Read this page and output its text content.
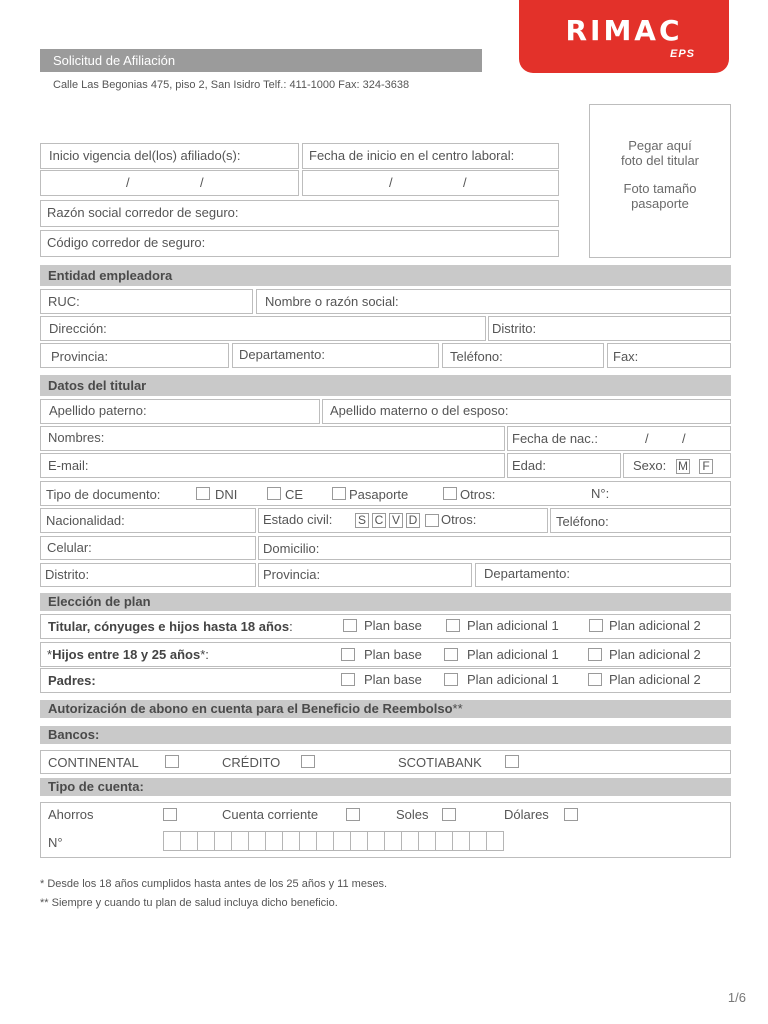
RIMAC
EPS
Solicitud de Afiliación
Calle Las Begonias 475, piso 2, San Isidro Telf.: 411-1000 Fax: 324-3638
Pegar aquí
foto del titular
Foto tamaño
pasaporte
Inicio vigencia del(los) afiliado(s):
/	/
Fecha de inicio en el centro laboral:
/	/
Razón social corredor de seguro:
Código corredor de seguro:
Entidad empleadora
RUC:	Nombre o razón social:
Dirección:	Distrito:
Provincia:	Departamento:	Teléfono:	Fax:
Datos del titular
Apellido paterno:	Apellido materno o del esposo:
Nombres:	Fecha de nac.:	/	/
E-mail:	Edad:	Sexo: M F
Tipo de documento:	DNI	CE	Pasaporte	Otros:	N°:
Nacionalidad:	Estado civil: S C V D Otros:	Teléfono:
Celular:	Domicilio:
Distrito:	Provincia:	Departamento:
Elección de plan
Titular, cónyuges e hijos hasta 18 años:	Plan base	Plan adicional 1	Plan adicional 2
*Hijos entre 18 y 25 años*:	Plan base	Plan adicional 1	Plan adicional 2
Padres:	Plan base	Plan adicional 1	Plan adicional 2
Autorización de abono en cuenta para el Beneficio de Reembolso**
Bancos:
CONTINENTAL	CRÉDITO	SCOTIABANK
Tipo de cuenta:
Ahorros	Cuenta corriente	Soles	Dólares
N°
* Desde los 18 años cumplidos hasta antes de los 25 años y 11 meses.
** Siempre y cuando tu plan de salud incluya dicho beneficio.
1/6
